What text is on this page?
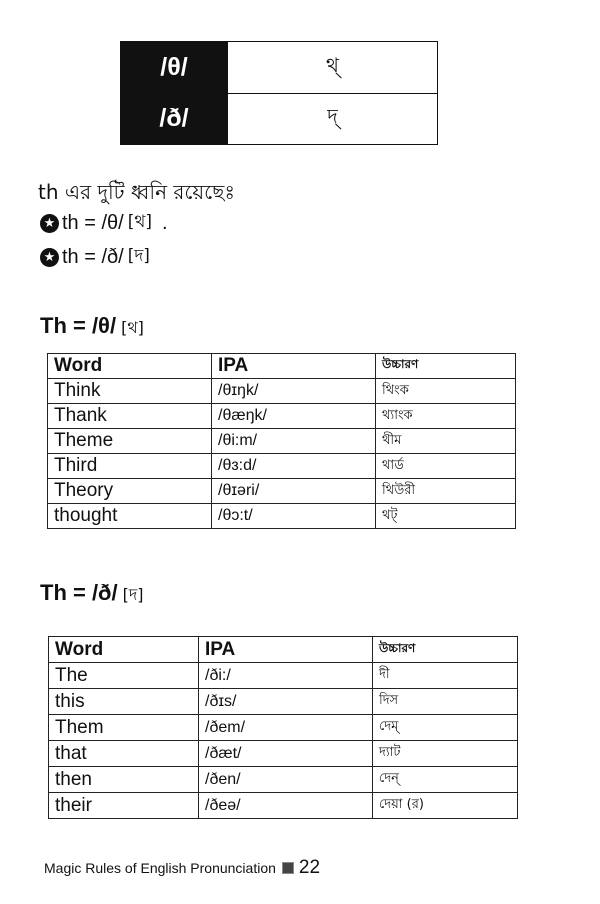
/θ/	থ্
/ð/	দ্
th এর দুটি ধ্বনি রয়েছেঃ
★ th = /θ/ [থ] .
★ th = /ð/ [দ]
Th = /θ/ [থ]
Word	IPA	উচ্চারণ
Think	/θɪŋk/	থিংক
Thank	/θæŋk/	থ্যাংক
Theme	/θi:m/	থীম
Third	/θɜ:d/	থার্ড
Theory	/θɪəri/	থিউরী
thought	/θɔ:t/	থট্
Th = /ð/ [দ]
Word	IPA	উচ্চারণ
The	/ði:/	দী
this	/ðɪs/	দিস
Them	/ðem/	দেম্
that	/ðæt/	দ্যাট
then	/ðen/	দেন্
their	/ðeə/	দেয়া (র)
Magic Rules of English Pronunciation 22
